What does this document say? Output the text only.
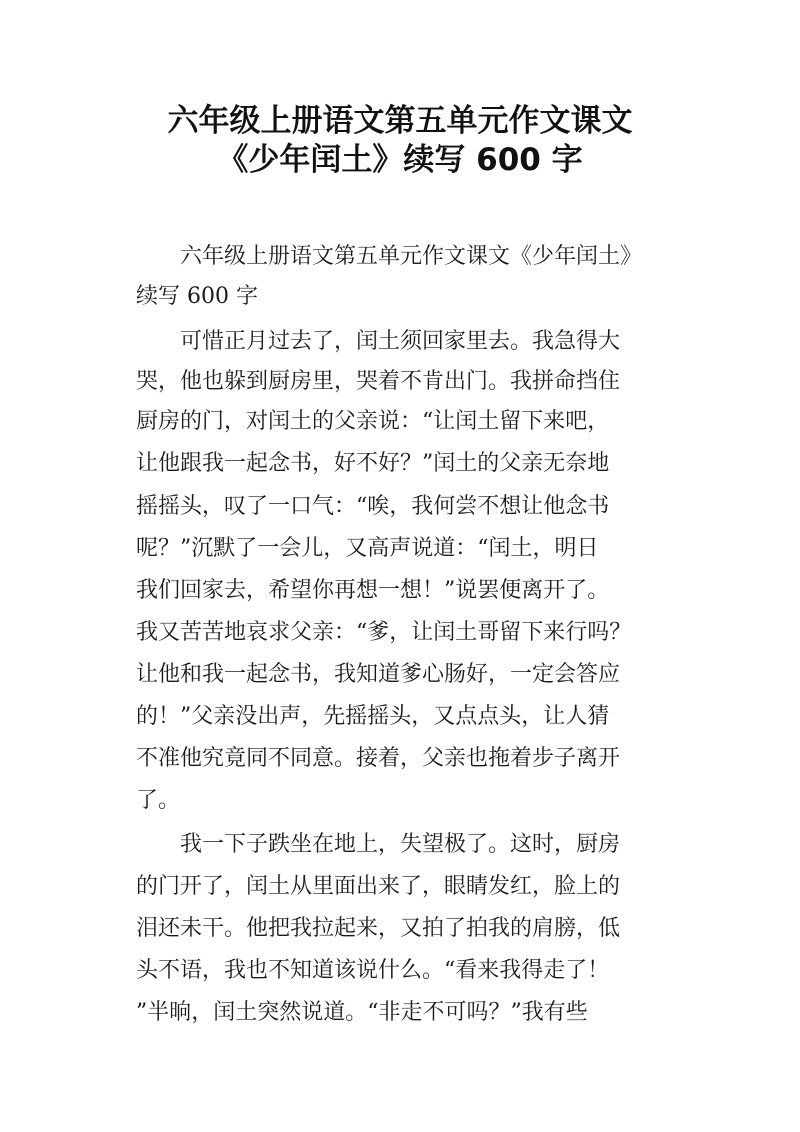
六年级上册语文第五单元作文课文
《少年闰土》续写 600 字
六年级上册语文第五单元作文课文《少年闰土》
续写 600 字
可惜正月过去了，闰土须回家里去。我急得大
哭，他也躲到厨房里，哭着不肯出门。我拼命挡住
厨房的门，对闰土的父亲说：“让闰土留下来吧，
让他跟我一起念书，好不好？”闰土的父亲无奈地
摇摇头，叹了一口气：“唉，我何尝不想让他念书
呢？”沉默了一会儿，又高声说道：“闰土，明日
我们回家去，希望你再想一想！”说罢便离开了。
我又苦苦地哀求父亲：“爹，让闰土哥留下来行吗？
让他和我一起念书，我知道爹心肠好，一定会答应
的！”父亲没出声，先摇摇头，又点点头，让人猜
不准他究竟同不同意。接着，父亲也拖着步子离开
了。
我一下子跌坐在地上，失望极了。这时，厨房
的门开了，闰土从里面出来了，眼睛发红，脸上的
泪还未干。他把我拉起来，又拍了拍我的肩膀，低
头不语，我也不知道该说什么。“看来我得走了！
”半晌，闰土突然说道。“非走不可吗？”我有些
